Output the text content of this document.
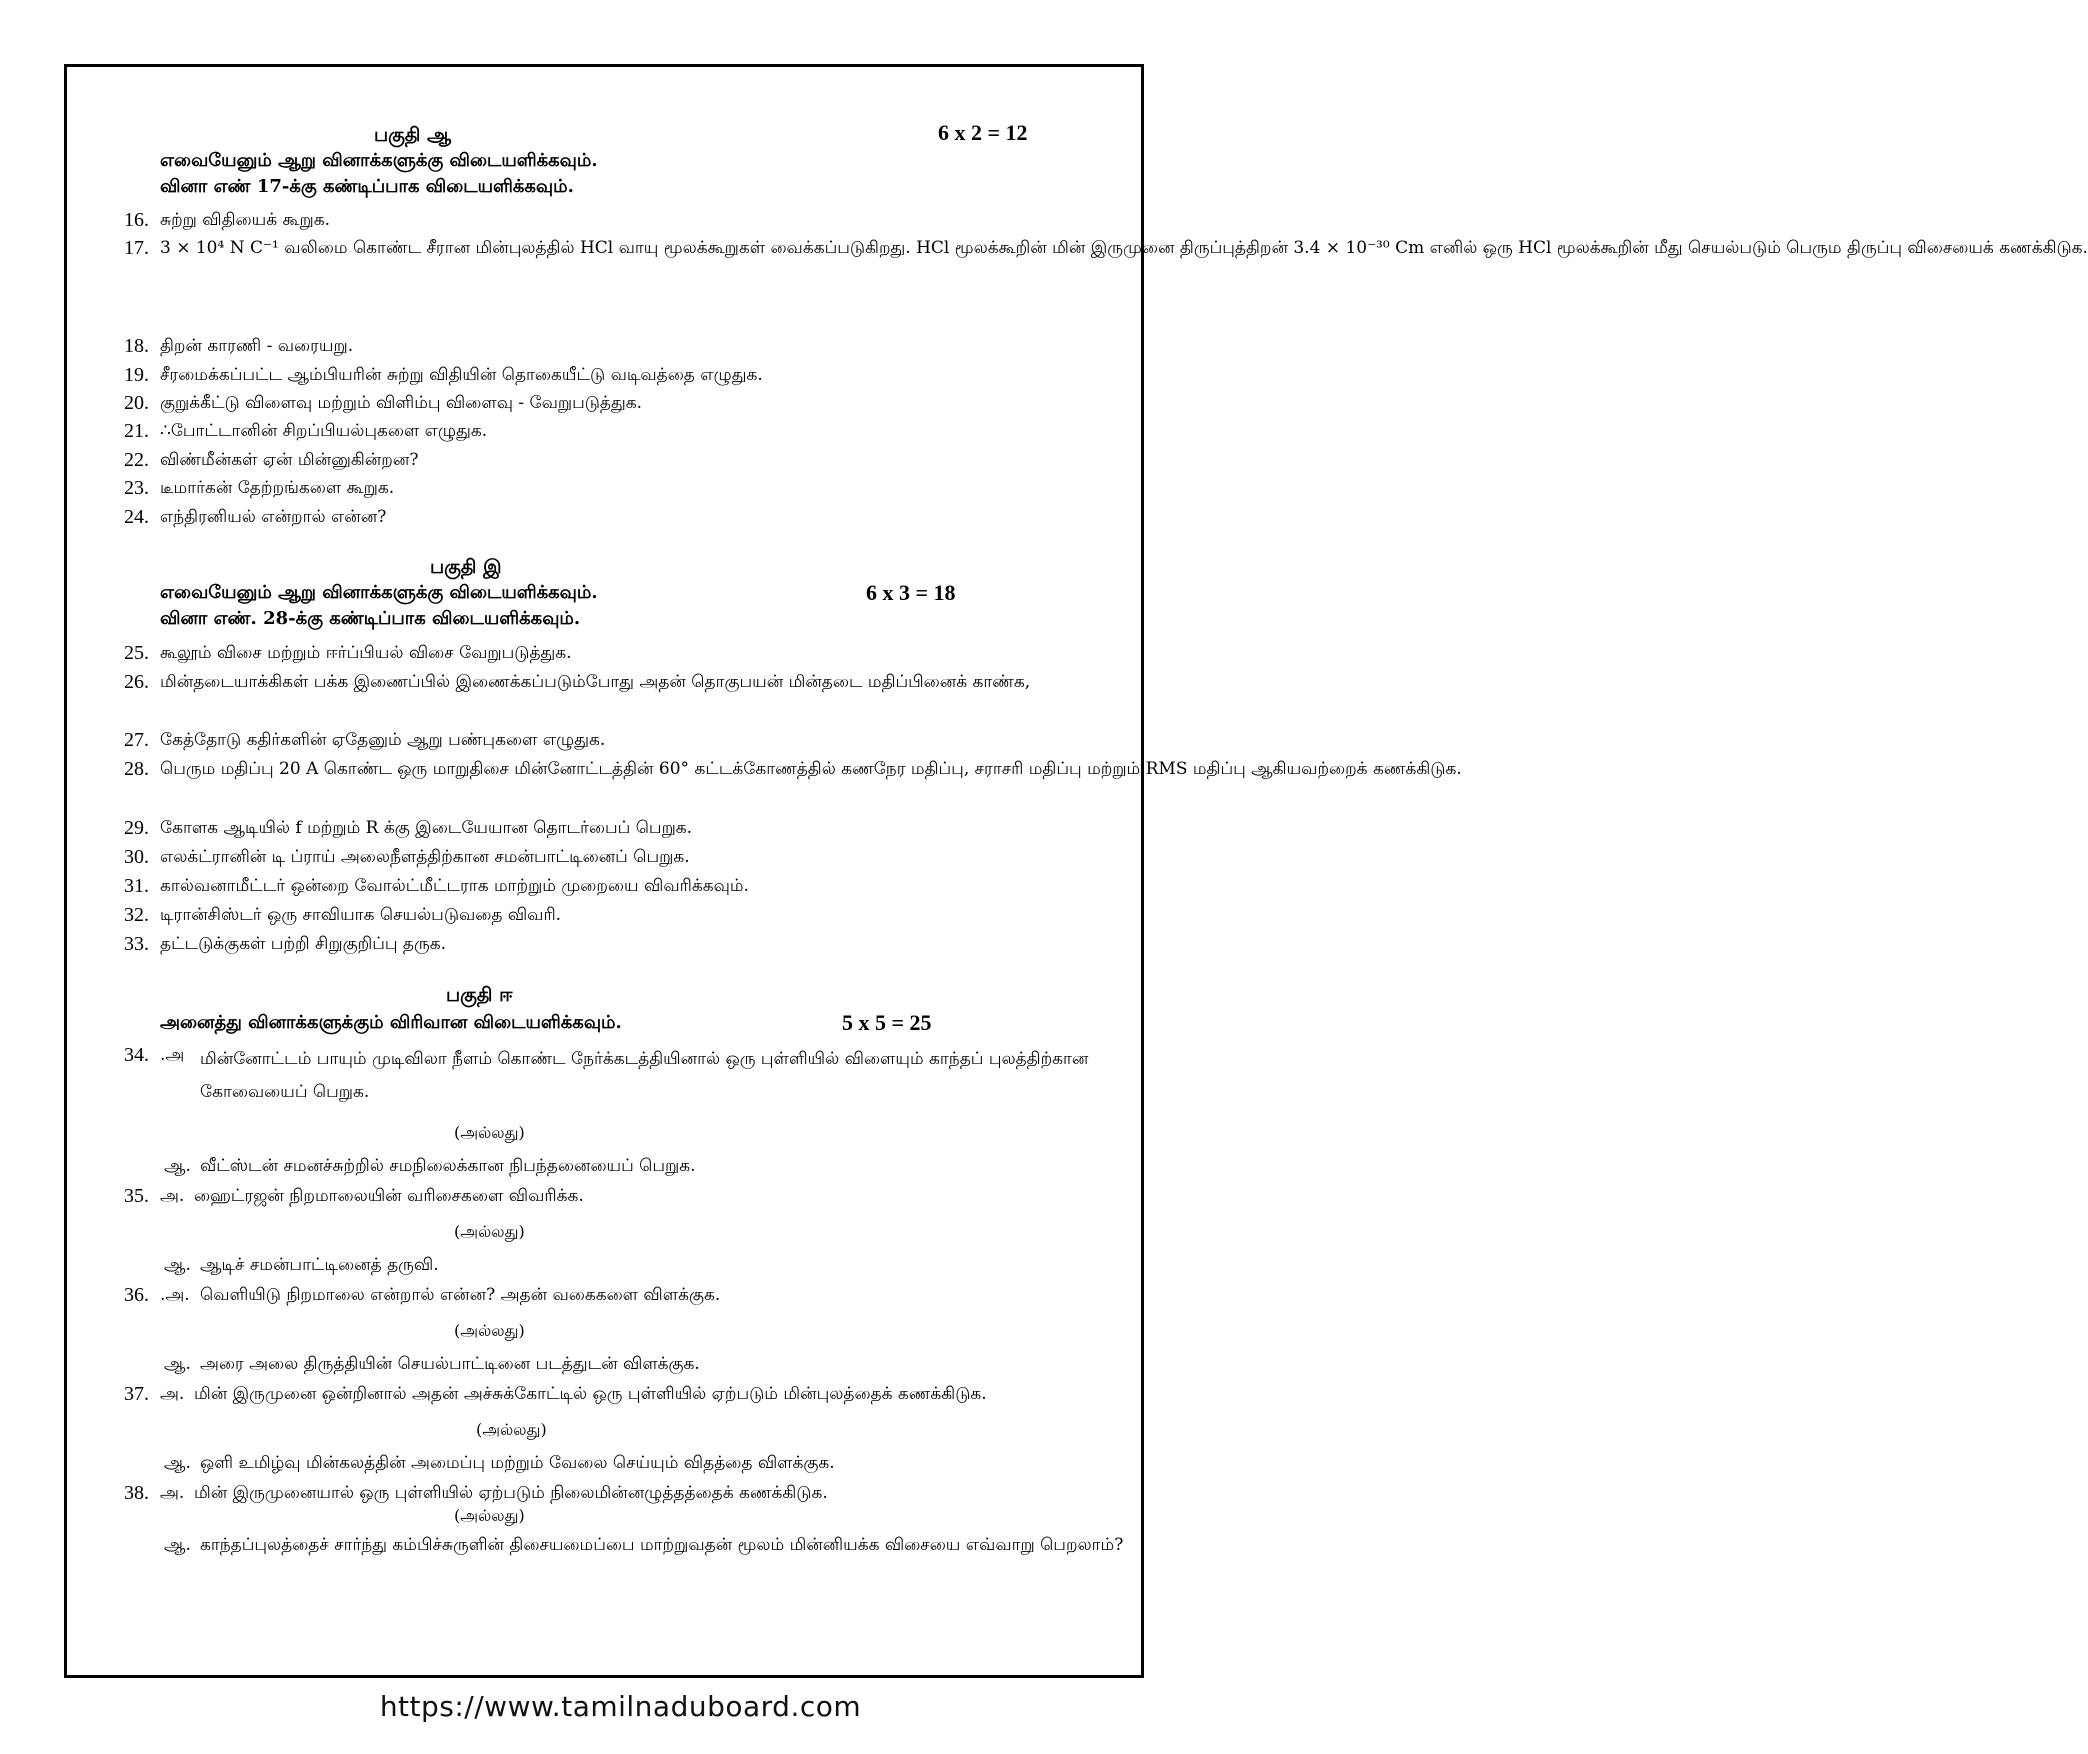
பகுதி ஆ	6 x 2 = 12
எவையேனும் ஆறு வினாக்களுக்கு விடையளிக்கவும்.
வினா எண் 17-க்கு கண்டிப்பாக விடையளிக்கவும்.
16. சுற்று விதியைக் கூறுக.
17. 3 × 10⁴ N C⁻¹ வலிமை கொண்ட சீரான மின்புலத்தில் HCl வாயு மூலக்கூறுகள் வைக்கப்படுகிறது. HCl மூலக்கூறின் மின் இருமுனை திருப்புத்திறன் 3.4 × 10⁻³⁰ Cm எனில் ஒரு HCl மூலக்கூறின் மீது செயல்படும் பெரும திருப்பு விசையைக் கணக்கிடுக.
18. திறன் காரணி - வரையறு.
19. சீரமைக்கப்பட்ட ஆம்பியரின் சுற்று விதியின் தொகையீட்டு வடிவத்தை எழுதுக.
20. குறுக்கீட்டு விளைவு மற்றும் விளிம்பு விளைவு - வேறுபடுத்துக.
21. ∴போட்டானின் சிறப்பியல்புகளை எழுதுக.
22. விண்மீன்கள் ஏன் மின்னுகின்றன?
23. டீமார்கன் தேற்றங்களை கூறுக.
24. எந்திரனியல் என்றால் என்ன?
பகுதி இ
எவையேனும் ஆறு வினாக்களுக்கு விடையளிக்கவும்.	6 x 3 = 18
வினா எண். 28-க்கு கண்டிப்பாக விடையளிக்கவும்.
25. கூலூம் விசை மற்றும் ஈர்ப்பியல் விசை வேறுபடுத்துக.
26. மின்தடையாக்கிகள் பக்க இணைப்பில் இணைக்கப்படும்போது அதன் தொகுபயன் மின்தடை மதிப்பினைக் காண்க,
27. கேத்தோடு கதிர்களின் ஏதேனும் ஆறு பண்புகளை எழுதுக.
28. பெரும மதிப்பு 20 A கொண்ட ஒரு மாறுதிசை மின்னோட்டத்தின் 60° கட்டக்கோணத்தில் கணநேர மதிப்பு, சராசரி மதிப்பு மற்றும் RMS மதிப்பு ஆகியவற்றைக் கணக்கிடுக.
29. கோளக ஆடியில் f மற்றும் R க்கு இடையேயான தொடர்பைப் பெறுக.
30. எலக்ட்ரானின் டி ப்ராய் அலைநீளத்திற்கான சமன்பாட்டினைப் பெறுக.
31. கால்வனாமீட்டர் ஒன்றை வோல்ட்மீட்டராக மாற்றும் முறையை விவரிக்கவும்.
32. டிரான்சிஸ்டர் ஒரு சாவியாக செயல்படுவதை விவரி.
33. தட்டடுக்குகள் பற்றி சிறுகுறிப்பு தருக.
பகுதி ஈ
அனைத்து வினாக்களுக்கும் விரிவான விடையளிக்கவும்.	5 x 5 = 25
34. .அ மின்னோட்டம் பாயும் முடிவிலா நீளம் கொண்ட நேர்க்கடத்தியினால் ஒரு புள்ளியில் விளையும் காந்தப் புலத்திற்கான கோவையைப் பெறுக.
(அல்லது)
ஆ. வீட்ஸ்டன் சமனச்சுற்றில் சமநிலைக்கான நிபந்தனையைப் பெறுக.
35. அ. ஹைட்ரஜன் நிறமாலையின் வரிசைகளை விவரிக்க.
(அல்லது)
ஆ. ஆடிச் சமன்பாட்டினைத் தருவி.
36. .அ. வெளியிடு நிறமாலை என்றால் என்ன? அதன் வகைகளை விளக்குக.
(அல்லது)
ஆ. அரை அலை திருத்தியின் செயல்பாட்டினை படத்துடன் விளக்குக.
37. அ. மின் இருமுனை ஒன்றினால் அதன் அச்சுக்கோட்டில் ஒரு புள்ளியில் ஏற்படும் மின்புலத்தைக் கணக்கிடுக.
(அல்லது)
ஆ. ஒளி உமிழ்வு மின்கலத்தின் அமைப்பு மற்றும் வேலை செய்யும் விதத்தை விளக்குக.
38. அ. மின் இருமுனையால் ஒரு புள்ளியில் ஏற்படும் நிலைமின்னழுத்தத்தைக் கணக்கிடுக.
(அல்லது)
ஆ. காந்தப்புலத்தைச் சார்ந்து கம்பிச்சுருளின் திசையமைப்பை மாற்றுவதன் மூலம் மின்னியக்க விசையை எவ்வாறு பெறலாம்?
https://www.tamilnaduboard.com
